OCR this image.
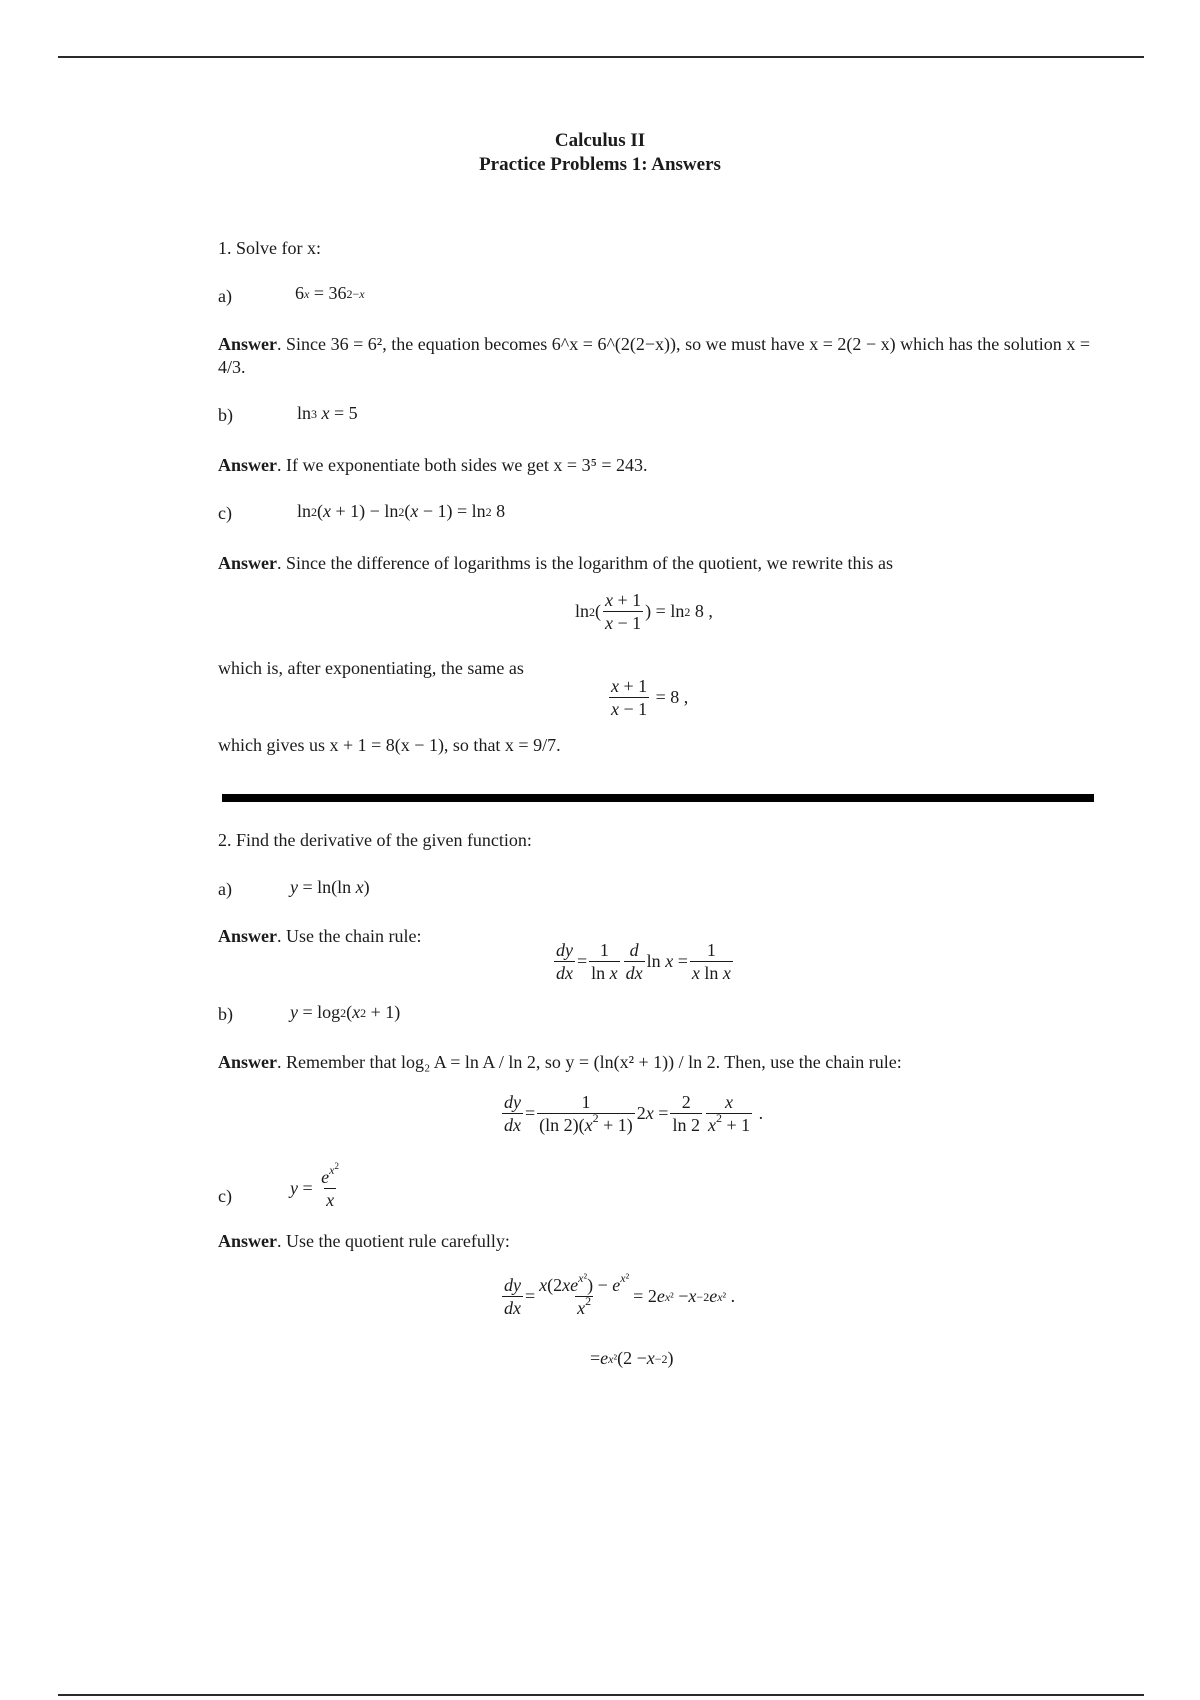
Calculus II
Practice Problems 1: Answers
1. Solve for x:
a)	6 x = 36 2−x
Answer. Since 36 = 6², the equation becomes 6^x = 6^(2(2−x)), so we must have x = 2(2 − x) which has the solution x = 4/3.
b)	ln 3
x = 5
Answer. If we exponentiate both sides we get x = 3⁵ = 243.
c)	ln 2 ( x + 1) − ln 2 ( x − 1) = ln 2 8
Answer. Since the difference of logarithms is the logarithm of the quotient, we rewrite this as
ln 2 ( $\frac{x + 1}{x - 1}$ ) = ln 2 8 ,
which is, after exponentiating, the same as
$\frac{x + 1}{x - 1} = 8$ ,
which gives us x + 1 = 8(x − 1), so that x = 9/7.
2. Find the derivative of the given function:
a)	y = ln(ln x )
Answer. Use the chain rule:
$\frac{dy}{dx} = \frac{1}{\text{ln x}} \frac{d}{dx}$ $\ln x = \frac{1}{\text{x ln x}}$
b)	y = log 2 ( x 2 + 1)
Answer. Remember that log₂ A = ln A / ln 2, so y = (ln(x² + 1)) / ln 2. Then, use the chain rule:
$\frac{dy}{dx} = \frac{1}{(\ln 2)(x^2 + 1)} 2$ $x = \frac{2}{\ln 2} \frac{x}{x^2 + 1}$ .
c)	$y = \frac{e^{x^2}}{x}$
Answer. Use the quotient rule carefully:
$\frac{dy}{dx} = \frac{x(2xe^{x^2}) - e^{x^2}}{x^2} = 2$ e x² − x −2 e x² .
= e x² (2 − x −2 )
